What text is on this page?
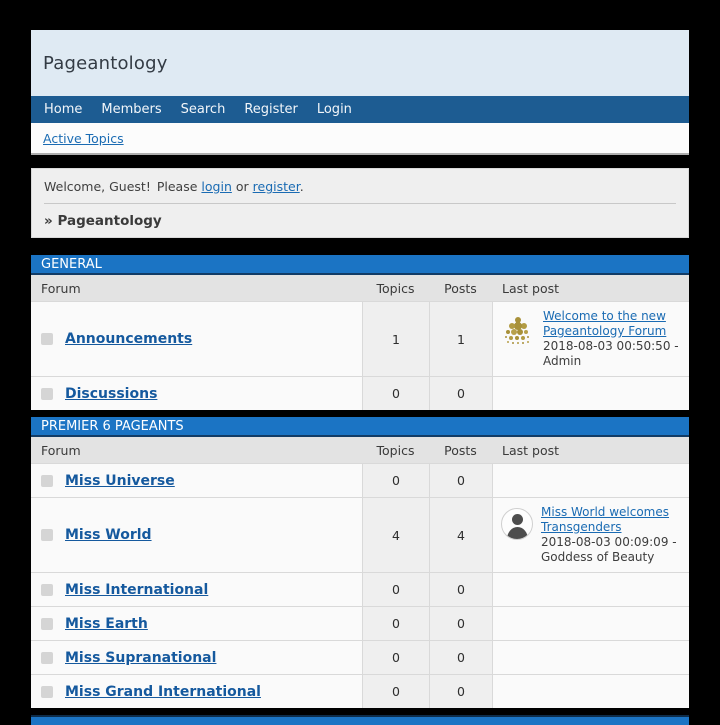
Pageantology
Home Members Search Register Login
Active Topics

Welcome, Guest! Please login or register.

» Pageantology

GENERAL
Forum	Topics	Posts	Last post
Announcements	1	1
Welcome to the new Pageantology Forum
2018-08-03 00:50:50 - Admin
Discussions	0	0
PREMIER 6 PAGEANTS
Forum	Topics	Posts	Last post
Miss Universe	0	0
Miss World	4	4
Miss World welcomes Transgenders
2018-08-03 00:09:09 - Goddess of Beauty
Miss International	0	0
Miss Earth	0	0
Miss Supranational	0	0
Miss Grand International	0	0
